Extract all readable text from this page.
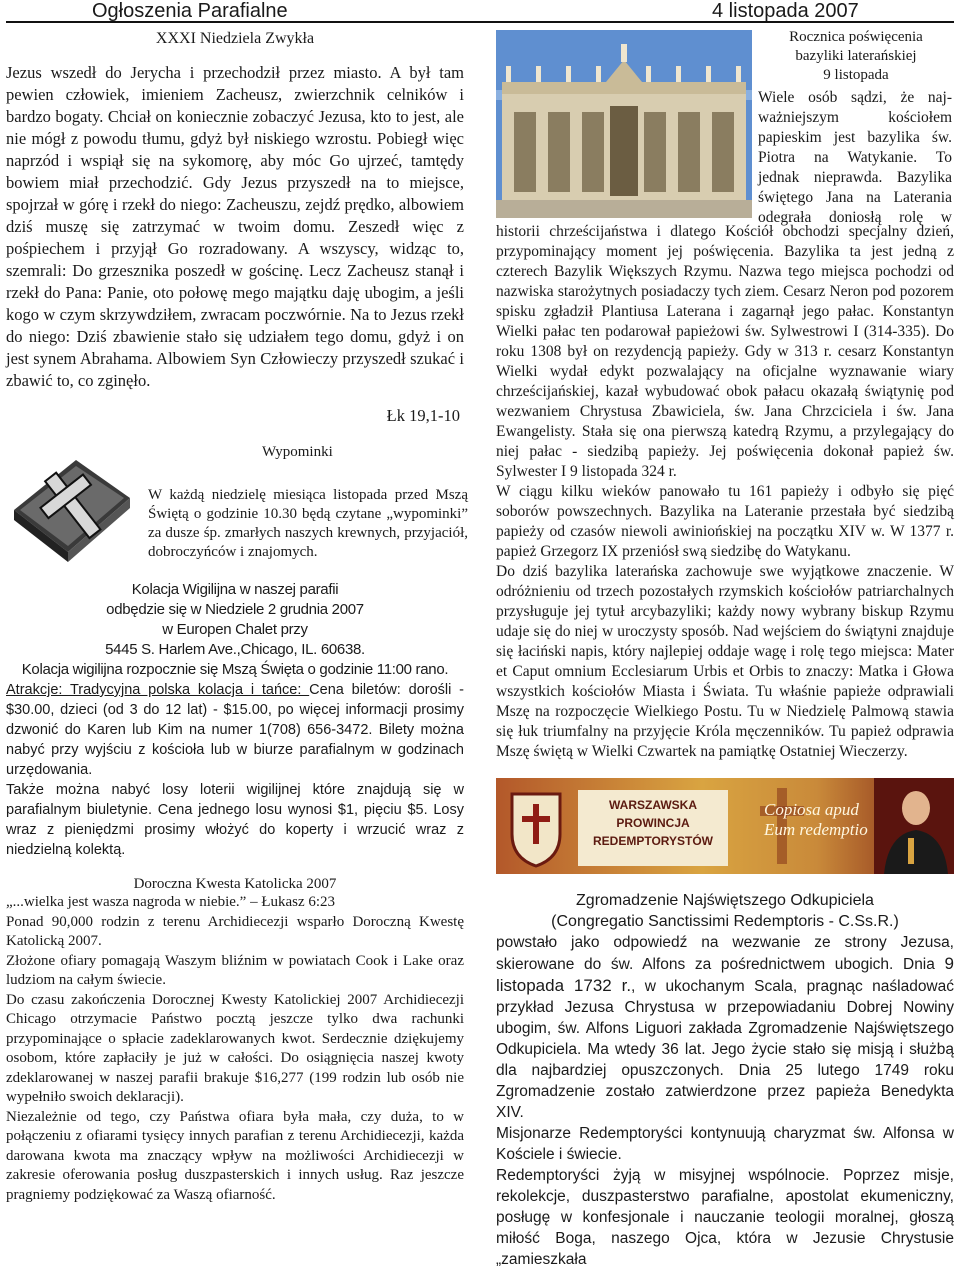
Ogłoszenia Parafialne	4 listopada 2007
XXXI Niedziela Zwykła

Jezus wszedł do Jerycha i przechodził przez miasto. A był tam pewien człowiek, imieniem Zacheusz, zwierzchnik celników i bardzo bogaty. Chciał on koniecznie zobaczyć Jezusa, kto to jest, ale nie mógł z powodu tłumu, gdyż był niskiego wzrostu. Pobiegł więc naprzód i wspiął się na sykomorę, aby móc Go ujrzeć, tamtędy bowiem miał przechodzić. Gdy Jezus przyszedł na to miejsce, spojrzał w górę i rzekł do niego: Zacheuszu, zejdź prędko, albowiem dziś muszę się zatrzymać w twoim domu. Zeszedł więc z pośpiechem i przyjął Go rozradowany. A wszyscy, widząc to, szemrali: Do grzesznika poszedł w gościnę. Lecz Zacheusz stanął i rzekł do Pana: Panie, oto połowę mego majątku daję ubogim, a jeśli kogo w czym skrzywdziłem, zwracam poczwórnie. Na to Jezus rzekł do niego: Dziś zbawienie stało się udziałem tego domu, gdyż i on jest synem Abrahama. Albowiem Syn Człowieczy przyszedł szukać i zbawić to, co zginęło.

Łk 19,1-10
Wypominki

W każdą niedzielę miesiąca listopada przed Mszą Świętą o godzinie 10.30 będą czytane „wypominki” za dusze śp. zmarłych naszych krewnych, przyjaciół, dobroczyńców i znajomych.

Kolacja Wigilijna w naszej parafii
odbędzie się w Niedziele 2 grudnia 2007
w Europen Chalet przy
5445 S. Harlem Ave.,Chicago, IL. 60638.
Kolacja wigilijna rozpocznie się Mszą Święta o godzinie 11:00 rano.

Atrakcje: Tradycyjna polska kolacja i tańce: Cena biletów: dorośli - $30.00, dzieci (od 3 do 12 lat) - $15.00, po więcej informacji prosimy dzwonić do Karen lub Kim na numer 1(708) 656-3472. Bilety można nabyć przy wyjściu z kościoła lub w biurze parafialnym w godzinach urzędowania.

Także można nabyć losy loterii wigilijnej które znajdują się w parafialnym biuletynie. Cena jednego losu wynosi $1, pięciu $5. Losy wraz z pieniędzmi prosimy włożyć do koperty i wrzucić wraz z niedzielną kolektą.

Doroczna Kwesta Katolicka 2007

„...wielka jest wasza nagroda w niebie.” – Łukasz 6:23

Ponad 90,000 rodzin z terenu Archidiecezji wsparło Doroczną Kwestę Katolicką 2007.

Złożone ofiary pomagają Waszym bliźnim w powiatach Cook i Lake oraz ludziom na całym świecie.

Do czasu zakończenia Dorocznej Kwesty Katolickiej 2007 Archidiecezji Chicago otrzymacie Państwo pocztą jeszcze tylko dwa rachunki przypominające o spłacie zadeklarowanych kwot. Serdecznie dziękujemy osobom, które zapłaciły je już w całości. Do osiągnięcia naszej kwoty zdeklarowanej w naszej parafii brakuje $16,277 (199 rodzin lub osób nie wypełniło swoich deklaracji).

Niezależnie od tego, czy Państwa ofiara była mała, czy duża, to w połączeniu z ofiarami tysięcy innych parafian z terenu Archidiecezji, każda darowana kwota ma znaczący wpływ na możliwości Archidiecezji w zakresie oferowania posług duszpasterskich i innych usług. Raz jeszcze pragniemy podziękować za Waszą ofiarność.

Rocznica poświęcenia
bazyliki laterańskiej
9 listopada
Wiele osób sądzi, że naj-
ważniejszym kościołem
papieskim jest bazylika św.
Piotra na Watykanie. To
jednak nieprawda. Bazylika
świętego Jana na Laterania
odegrała doniosłą rolę w

historii chrześcijaństwa i dlatego Kościół obchodzi specjalny dzień, przypominający moment jej poświęcenia. Bazylika ta jest jedną z czterech Bazylik Większych Rzymu. Nazwa tego miejsca pochodzi od nazwiska starożytnych posiadaczy tych ziem. Cesarz Neron pod pozorem spisku zgładził Plantiusa Laterana i zagarnął jego pałac. Konstantyn Wielki pałac ten podarował papieżowi św. Sylwestrowi I (314-335). Do roku 1308 był on rezydencją papieży. Gdy w 313 r. cesarz Konstantyn Wielki wydał edykt pozwalający na oficjalne wyznawanie wiary chrześcijańskiej, kazał wybudować obok pałacu okazałą świątynię pod wezwaniem Chrystusa Zbawiciela, św. Jana Chrzciciela i św. Jana Ewangelisty. Stała się ona pierwszą katedrą Rzymu, a przylegający do niej pałac - siedzibą papieży. Jej poświęcenia dokonał papież św. Sylwester I 9 listopada 324 r.

W ciągu kilku wieków panowało tu 161 papieży i odbyło się pięć soborów powszechnych. Bazylika na Lateranie przestała być siedzibą papieży od czasów niewoli awiniońskiej na początku XIV w. W 1377 r. papież Grzegorz IX przeniósł swą siedzibę do Watykanu.

Do dziś bazylika laterańska zachowuje swe wyjątkowe znaczenie. W odróżnieniu od trzech pozostałych rzymskich kościołów patriarchalnych przysługuje jej tytuł arcybazyliki; każdy nowy wybrany biskup Rzymu udaje się do niej w uroczysty sposób. Nad wejściem do świątyni znajduje się łaciński napis, który najlepiej oddaje wagę i rolę tego miejsca: Mater et Caput omnium Ecclesiarum Urbis et Orbis to znaczy: Matka i Głowa wszystkich kościołów Miasta i Świata. Tu właśnie papieże odprawiali Mszę na rozpoczęcie Wielkiego Postu. Tu w Niedzielę Palmową stawia się łuk triumfalny na przyjęcie Króla męczenników. Tu papież odprawia Mszę świętą w Wielki Czwartek na pamiątkę Ostatniej Wieczerzy.

WARSZAWSKA
PROWINCJA
REDEMPTORYSTÓW
Copiosa apud
Eum redemptio
Zgromadzenie Najświętszego Odkupiciela
(Congregatio Sanctissimi Redemptoris - C.Ss.R.)

powstało jako odpowiedź na wezwanie ze strony Jezusa, skierowane do św. Alfons za pośrednictwem ubogich. Dnia 9 listopada 1732 r., w ukochanym Scala, pragnąc naśladować przykład Jezusa Chrystusa w przepowiadaniu Dobrej Nowiny ubogim, św. Alfons Liguori zakłada Zgromadzenie Najświętszego Odkupiciela. Ma wtedy 36 lat. Jego życie stało się misją i służbą dla najbardziej opuszczonych. Dnia 25 lutego 1749 roku Zgromadzenie zostało zatwierdzone przez papieża Benedykta XIV.

Misjonarze Redemptoryści kontynuują charyzmat św. Alfonsa w Kościele i świecie.

Redemptoryści żyją w misyjnej wspólnocie. Poprzez misje, rekolekcje, duszpasterstwo parafialne, apostolat ekumeniczny, posługę w konfesjonale i nauczanie teologii moralnej, głoszą miłość Boga, naszego Ojca, która w Jezusie Chrystusie „zamieszkała
